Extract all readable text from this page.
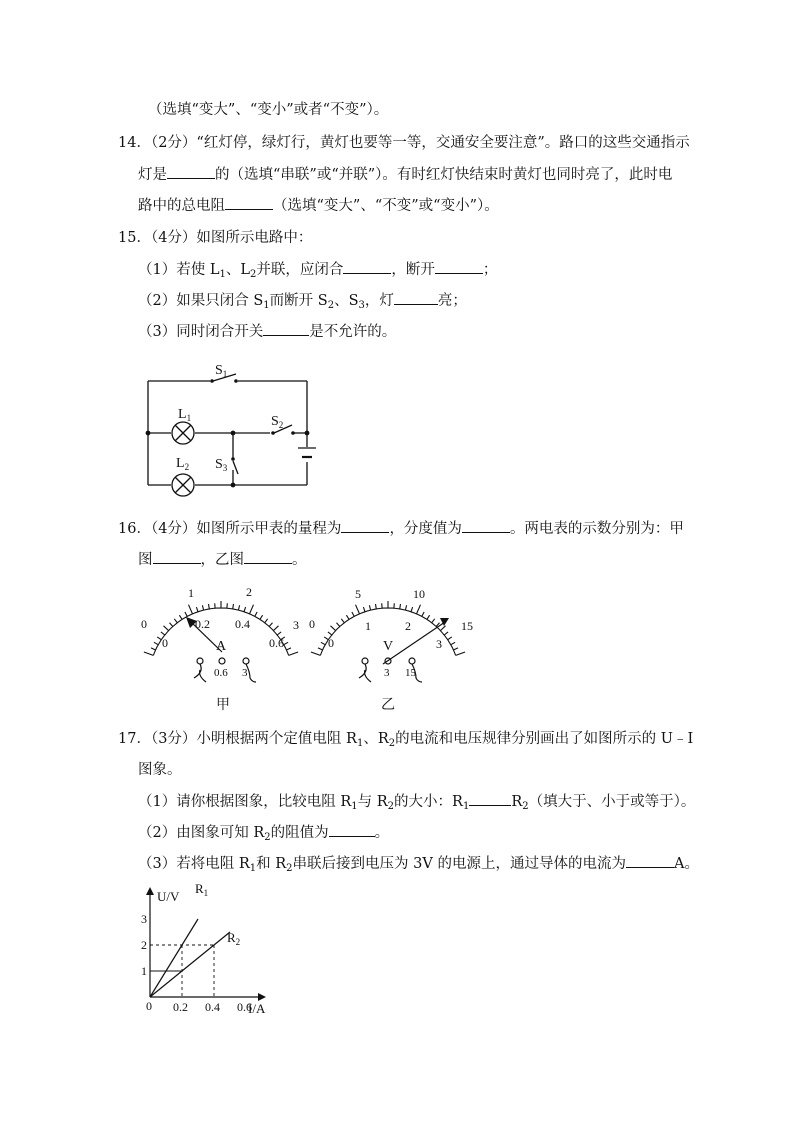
（选填“变大”、“变小”或者“不变”）。
14．（2分）“红灯停，绿灯行，黄灯也要等一等，交通安全要注意”。路口的这些交通指示
灯是	的（选填“串联”或“并联”）。有时红灯快结束时黄灯也同时亮了，此时电
路中的总电阻	（选填“变大”、“不变”或“变小”）。
15．（4分）如图所示电路中：
（1）若使 $L_1$、$L_2$并联，应闭合	，断开	；
（2）如果只闭合 $S_1$而断开 $S_2$、$S_3$，灯	亮；
（3）同时闭合开关	是不允许的。
$S_1$
$S_2$
$S_3$
$L_1$
$L_2$
16．（4分）如图所示甲表的量程为	，分度值为	。两电表的示数分别为：甲
图	，乙图	。
0
1	2
3
0
0.2 0.4
0.6
A
0.6 3
甲
0
5	10
15
0
1	2
3
V
3 15
乙
17．（3分）小明根据两个定值电阻 $R_1$、$R_2$的电流和电压规律分别画出了如图所示的 U﹣I
图象。
（1）请你根据图象，比较电阻 $R_1$与 $R_2$的大小：$R_1$	$R_2$（填大于、小于或等于）。
（2）由图象可知 $R_2$的阻值为	。
（3）若将电阻 $R_1$和 $R_2$串联后接到电压为 3V 的电源上，通过导体的电流为	A。
0.2 0.4 0.6
1
2
3
U/V
I/A
0
$R_1$
$R_2$
